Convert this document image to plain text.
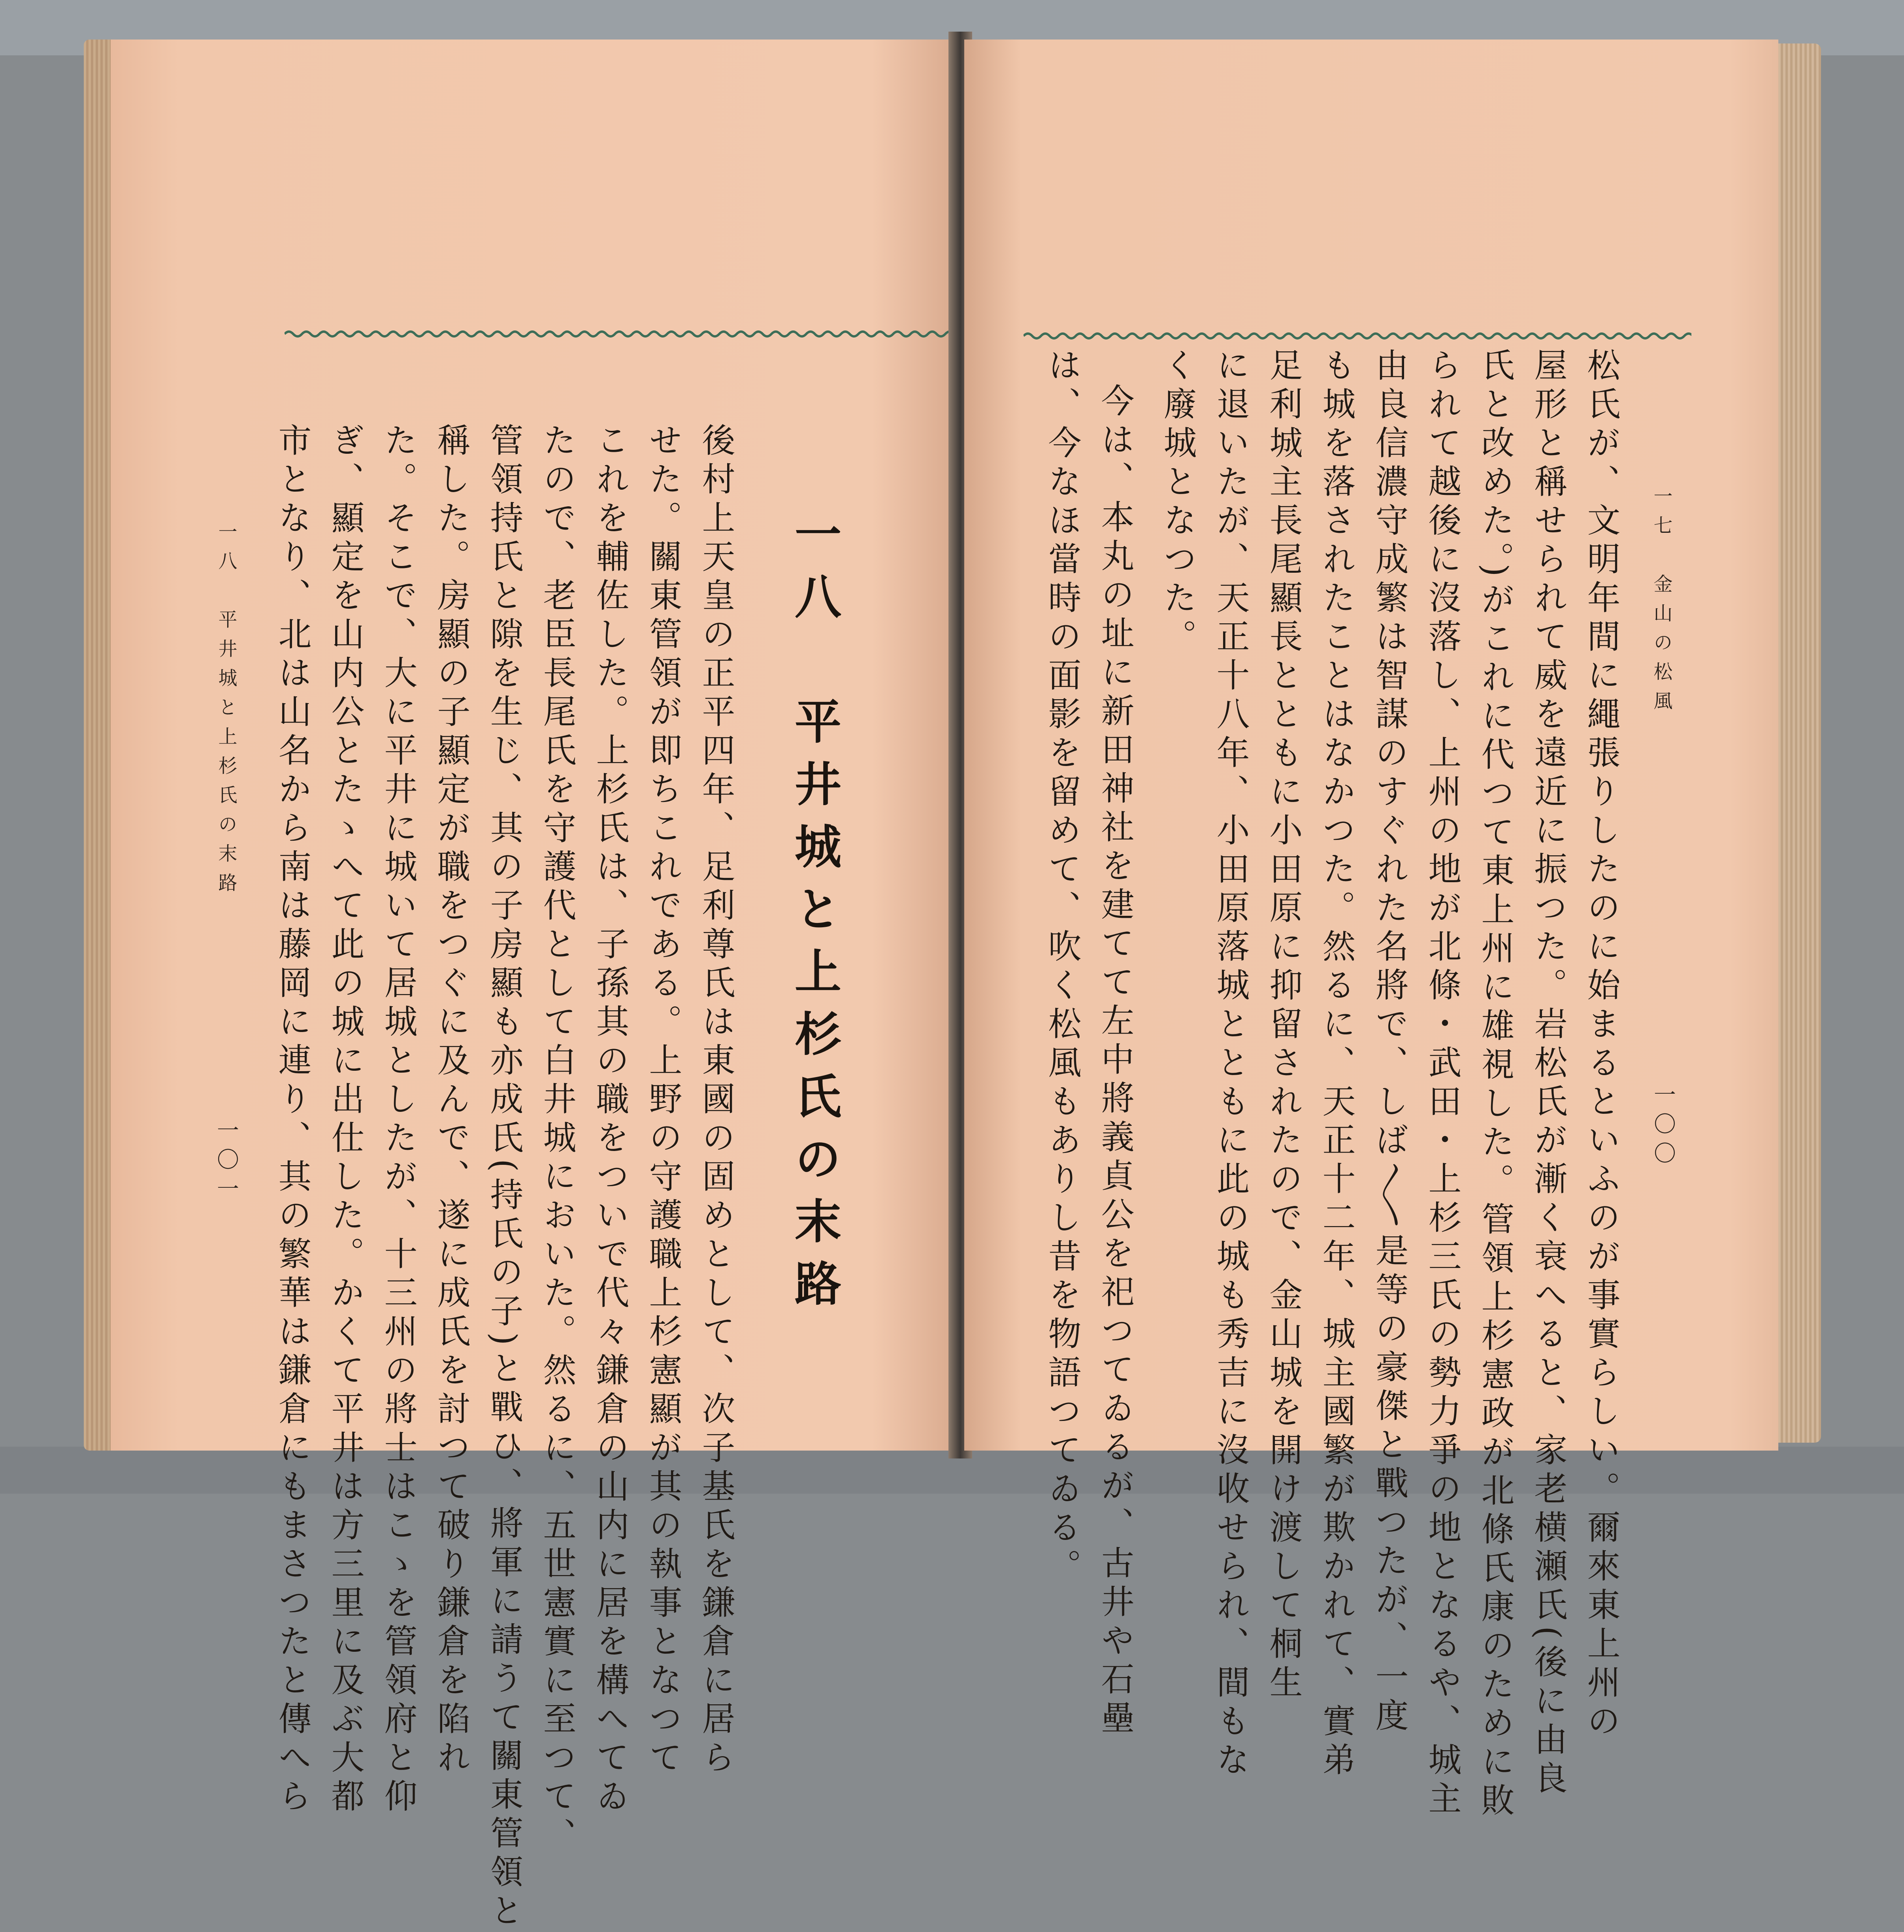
一八　平井城と上杉氏の末路
後村上天皇の正平四年、足利尊氏は東國の固めとして、次子基氏を鎌倉に居ら
せた。關東管領が即ちこれである。上野の守護職上杉憲顯が其の執事となつて
これを輔佐した。上杉氏は、子孫其の職をついで代々鎌倉の山内に居を構へてゐ
たので、老臣長尾氏を守護代として白井城においた。然るに、五世憲實に至つて、
管領持氏と隙を生じ、其の子房顯も亦成氏(持氏の子)と戰ひ、將軍に請うて關東管領と
稱した。房顯の子顯定が職をつぐに及んで、遂に成氏を討つて破り鎌倉を陷れ
た。そこで、大に平井に城いて居城としたが、十三州の將士はこゝを管領府と仰
ぎ、顯定を山内公とたゝへて此の城に出仕した。かくて平井は方三里に及ぶ大都
市となり、北は山名から南は藤岡に連り、其の繁華は鎌倉にもまさつたと傳へら
一八　平井城と上杉氏の末路
一〇一
一七　金山の松風
一〇〇
松氏が、文明年間に繩張りしたのに始まるといふのが事實らしい。爾來東上州の
屋形と稱せられて威を遠近に振つた。岩松氏が漸く衰へると、家老横瀬氏(後に由良
氏と改めた。)がこれに代つて東上州に雄視した。管領上杉憲政が北條氏康のために敗
られて越後に沒落し、上州の地が北條・武田・上杉三氏の勢力爭の地となるや、城主
由良信濃守成繁は智謀のすぐれた名將で、しば〳〵是等の豪傑と戰つたが、一度
も城を落されたことはなかつた。然るに、天正十二年、城主國繁が欺かれて、實弟
足利城主長尾顯長とともに小田原に抑留されたので、金山城を開け渡して桐生
に退いたが、天正十八年、小田原落城とともに此の城も秀吉に沒收せられ、間もな
く廢城となつた。
今は、本丸の址に新田神社を建てて左中將義貞公を祀つてゐるが、古井や石壘
は、今なほ當時の面影を留めて、吹く松風もありし昔を物語つてゐる。
